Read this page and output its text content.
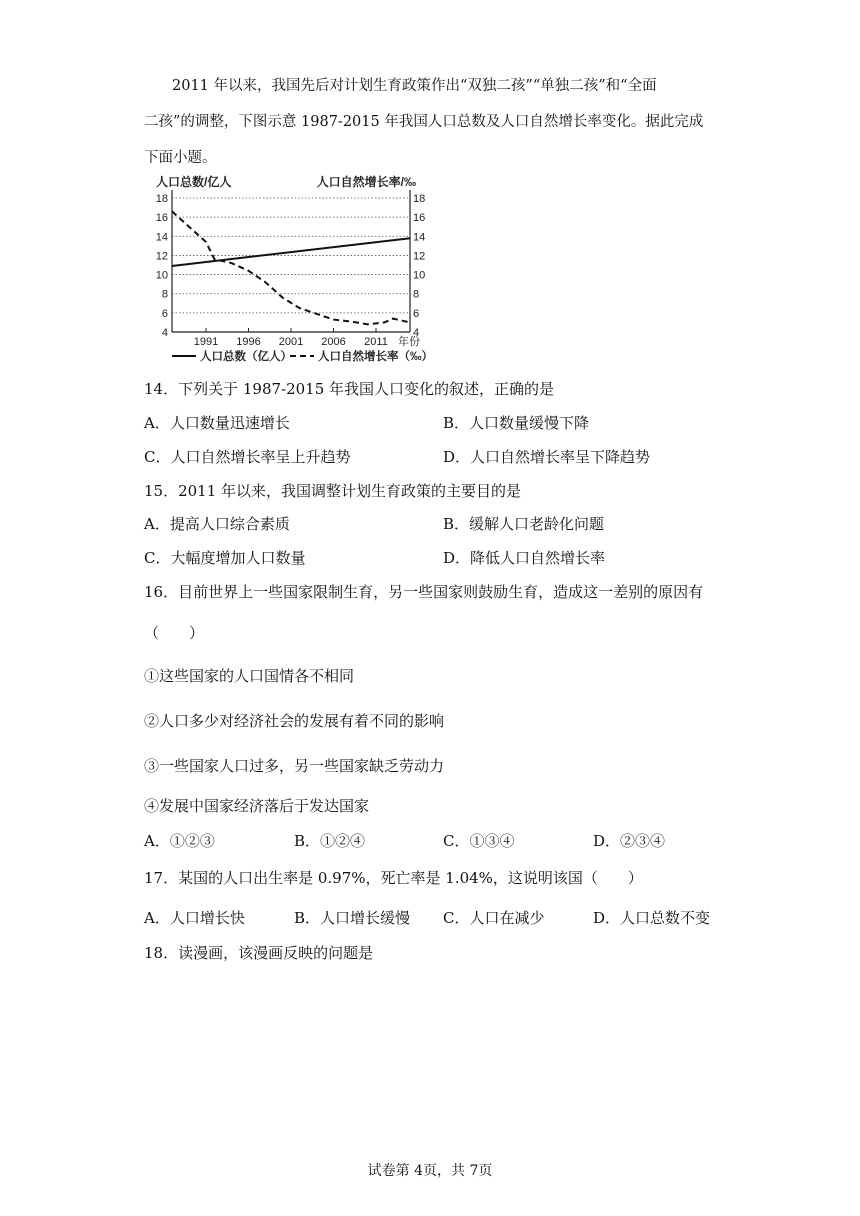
2011 年以来，我国先后对计划生育政策作出“双独二孩”“单独二孩”和“全面
二孩”的调整，下图示意 1987-2015 年我国人口总数及人口自然增长率变化。据此完成
下面小题。
4	4
6	6
8	8
10	10
12	12
14	14
16	16
18	18
1991 1996 2001 2006 2011 年份
人口总数/亿人	人口自然增长率/‰
人口总数（亿人） 人口自然增长率（‰）
14．下列关于 1987-2015 年我国人口变化的叙述，正确的是
A．人口数量迅速增长	B．人口数量缓慢下降
C．人口自然增长率呈上升趋势	D．人口自然增长率呈下降趋势
15．2011 年以来，我国调整计划生育政策的主要目的是
A．提高人口综合素质	B．缓解人口老龄化问题
C．大幅度增加人口数量	D．降低人口自然增长率
16．目前世界上一些国家限制生育，另一些国家则鼓励生育，造成这一差别的原因有
（　　）
①这些国家的人口国情各不相同
②人口多少对经济社会的发展有着不同的影响
③一些国家人口过多，另一些国家缺乏劳动力
④发展中国家经济落后于发达国家
A．①②③	B．①②④	C．①③④	D．②③④
17．某国的人口出生率是 0.97%，死亡率是 1.04%，这说明该国（　　）
A．人口增长快	B．人口增长缓慢 C．人口在减少	D．人口总数不变
18．读漫画，该漫画反映的问题是
试卷第 4页，共 7页
